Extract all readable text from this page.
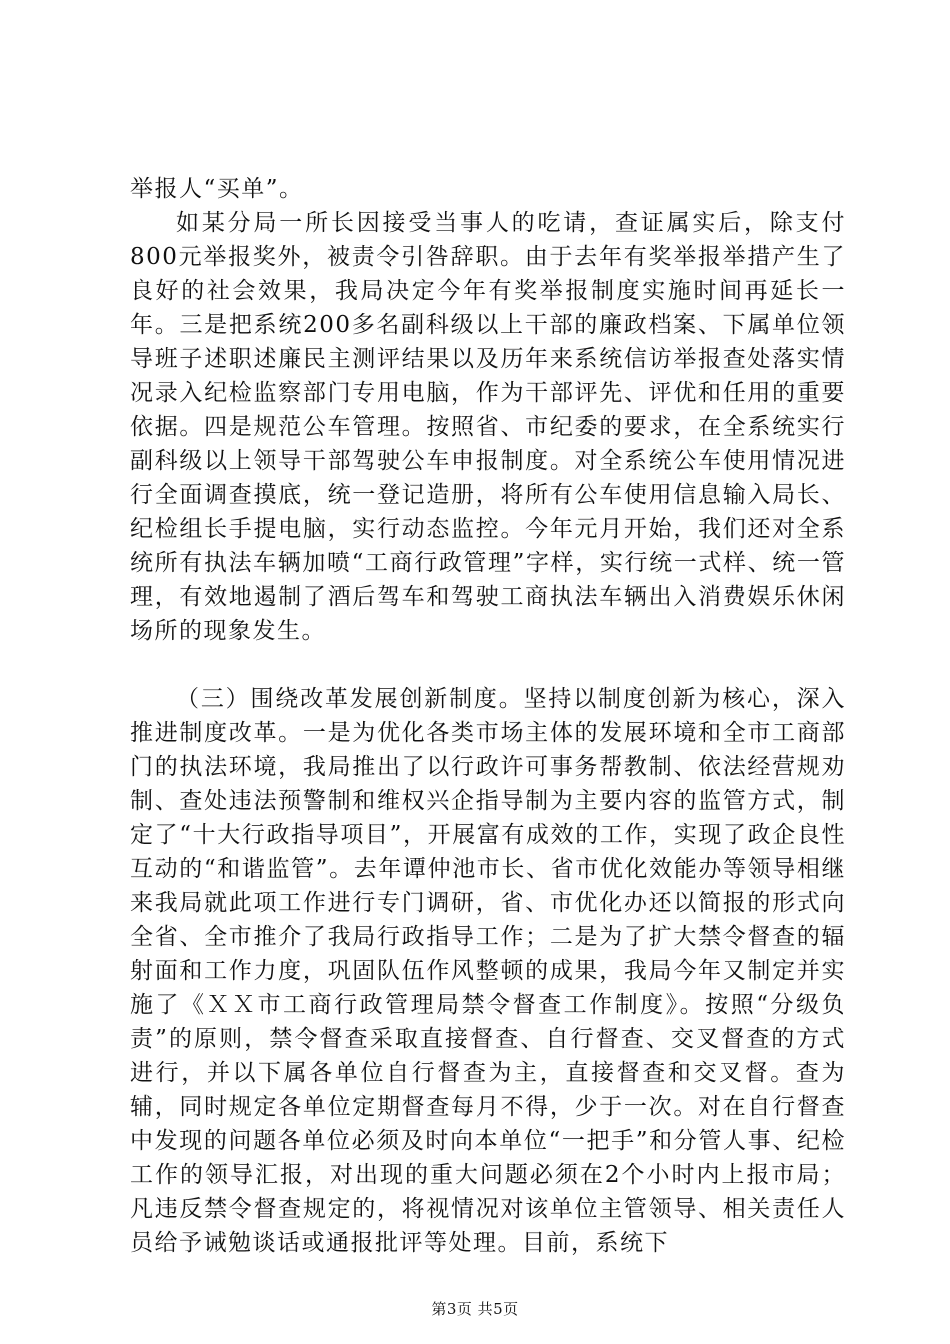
举报人“买单”。

如某分局一所长因接受当事人的吃请，查证属实后，除支付800元举报奖外，被责令引咎辞职。由于去年有奖举报举措产生了良好的社会效果，我局决定今年有奖举报制度实施时间再延长一年。三是把系统200多名副科级以上干部的廉政档案、下属单位领导班子述职述廉民主测评结果以及历年来系统信访举报查处落实情况录入纪检监察部门专用电脑，作为干部评先、评优和任用的重要依据。四是规范公车管理。按照省、市纪委的要求，在全系统实行副科级以上领导干部驾驶公车申报制度。对全系统公车使用情况进行全面调查摸底，统一登记造册，将所有公车使用信息输入局长、纪检组长手提电脑，实行动态监控。今年元月开始，我们还对全系统所有执法车辆加喷“工商行政管理”字样，实行统一式样、统一管理，有效地遏制了酒后驾车和驾驶工商执法车辆出入消费娱乐休闲场所的现象发生。

（三）围绕改革发展创新制度。坚持以制度创新为核心，深入推进制度改革。一是为优化各类市场主体的发展环境和全市工商部门的执法环境，我局推出了以行政许可事务帮教制、依法经营规劝制、查处违法预警制和维权兴企指导制为主要内容的监管方式，制定了“十大行政指导项目”，开展富有成效的工作，实现了政企良性互动的“和谐监管”。去年谭仲池市长、省市优化效能办等领导相继来我局就此项工作进行专门调研，省、市优化办还以简报的形式向全省、全市推介了我局行政指导工作；二是为了扩大禁令督查的辐射面和工作力度，巩固队伍作风整顿的成果，我局今年又制定并实施了《ＸＸ市工商行政管理局禁令督查工作制度》。按照“分级负责”的原则，禁令督查采取直接督查、自行督查、交叉督查的方式进行，并以下属各单位自行督查为主，直接督查和交叉督。查为辅，同时规定各单位定期督查每月不得，少于一次。对在自行督查中发现的问题各单位必须及时向本单位“一把手”和分管人事、纪检工作的领导汇报，对出现的重大问题必须在2个小时内上报市局；凡违反禁令督查规定的，将视情况对该单位主管领导、相关责任人员给予诫勉谈话或通报批评等处理。目前，系统下

第3页 共5页
